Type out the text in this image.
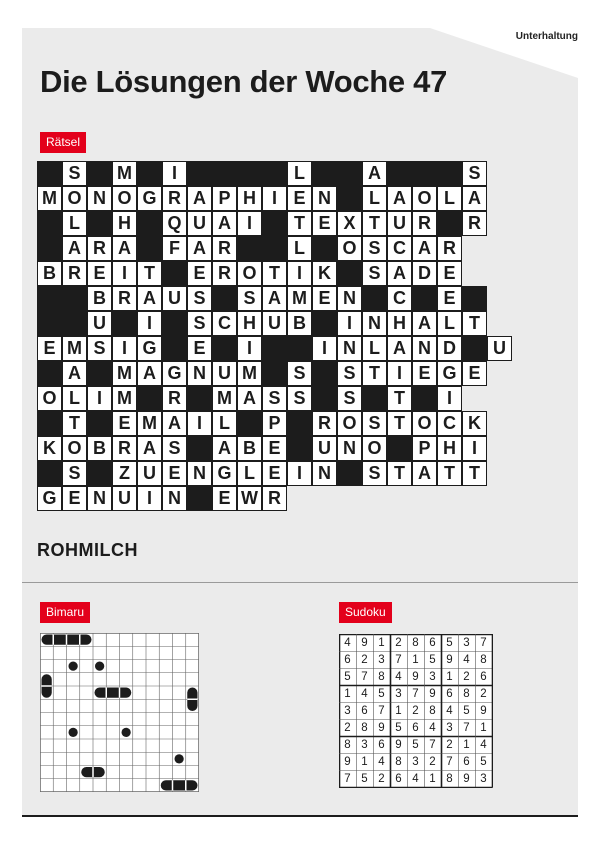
Unterhaltung
Die Lösungen der Woche 47
Rätsel
S M I	L	A	S
M O N O G R A P H I E N L A O L A
L H Q U A I T E X T U R R
A R A F A R	L O S C A R
B R E I T E R O T I K S A D E
B R A U S S A M E N C E
U I S C H U B I N H A L T
E M S I G E I	I N L A N D U
A M A G N U M S S T I E G E
O L I M R M A S S S T I
T E M A I L P R O S T O C K
K O B R A S A B E U N O P H I
S Z U E N G L E I N S T A T T
G E N U I N E W R
ROHMILCH
Bimaru	Sudoku
4 9 1 2 8 6 5 3 7
6 2 3 7 1 5 9 4 8
5 7 8 4 9 3 1 2 6
1 4 5 3 7 9 6 8 2
3 6 7 1 2 8 4 5 9
2 8 9 5 6 4 3 7 1
8 3 6 9 5 7 2 1 4
9 1 4 8 3 2 7 6 5
7 5 2 6 4 1 8 9 3
